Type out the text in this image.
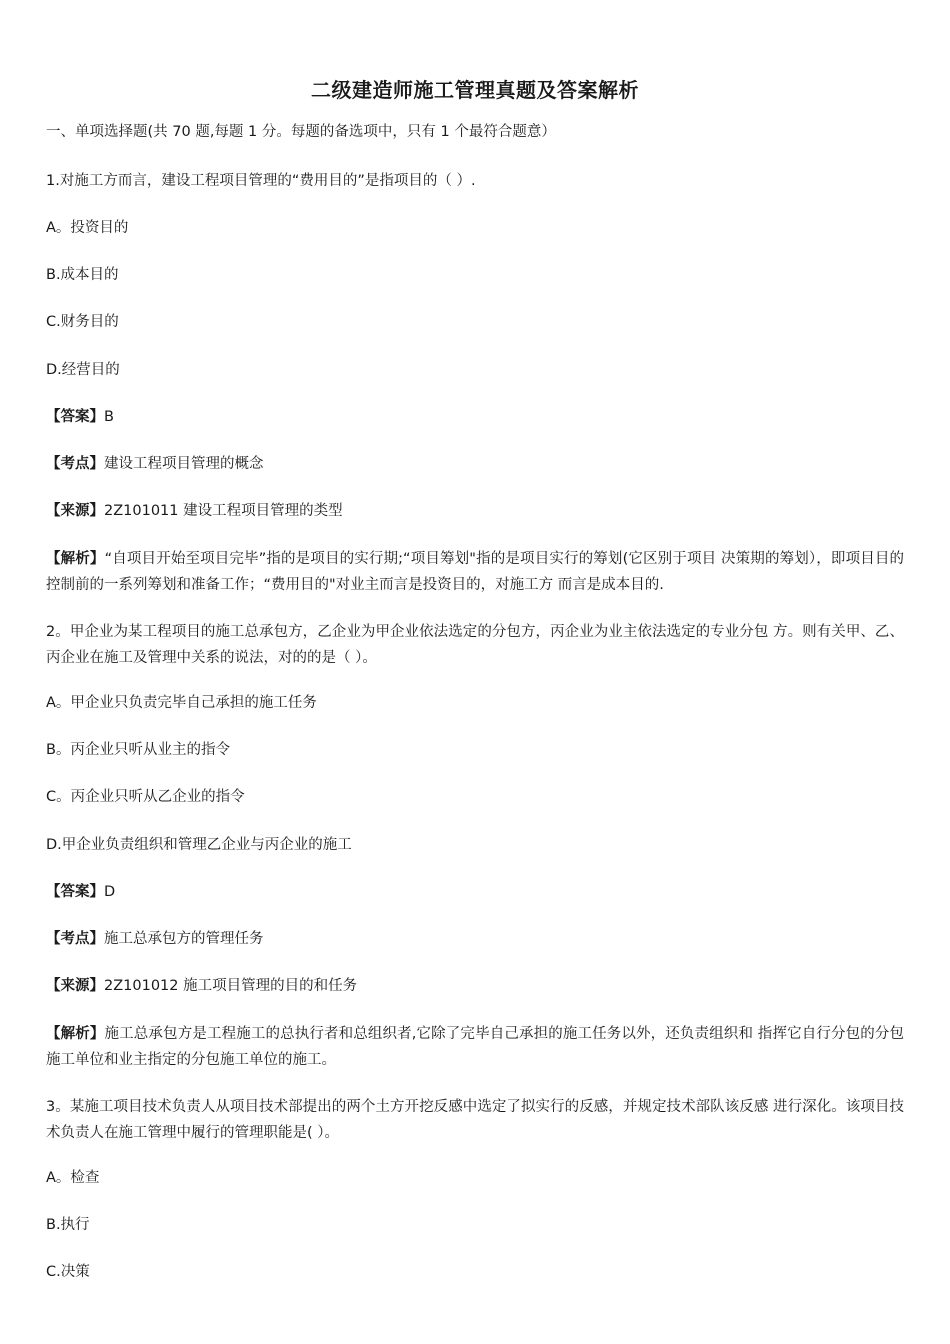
二级建造师施工管理真题及答案解析

一、单项选择题(共 70 题,每题 1 分。每题的备选项中，只有 1 个最符合题意）

1.对施工方而言，建设工程项目管理的“费用目的”是指项目的（ ）.

A。投资目的

B.成本目的

C.财务目的

D.经营目的

【答案】B

【考点】建设工程项目管理的概念

【来源】2Z101011 建设工程项目管理的类型

【解析】“自项目开始至项目完毕”指的是项目的实行期;“项目筹划"指的是项目实行的筹划(它区别于项目 决策期的筹划），即项目目的控制前的一系列筹划和准备工作；“费用目的"对业主而言是投资目的，对施工方 而言是成本目的.

2。甲企业为某工程项目的施工总承包方，乙企业为甲企业依法选定的分包方，丙企业为业主依法选定的专业分包 方。则有关甲、乙、丙企业在施工及管理中关系的说法，对的的是（ ）。

A。甲企业只负责完毕自己承担的施工任务

B。丙企业只听从业主的指令

C。丙企业只听从乙企业的指令

D.甲企业负责组织和管理乙企业与丙企业的施工

【答案】D

【考点】施工总承包方的管理任务

【来源】2Z101012 施工项目管理的目的和任务

【解析】施工总承包方是工程施工的总执行者和总组织者,它除了完毕自己承担的施工任务以外，还负责组织和 指挥它自行分包的分包施工单位和业主指定的分包施工单位的施工。

3。某施工项目技术负责人从项目技术部提出的两个土方开挖反感中选定了拟实行的反感，并规定技术部队该反感 进行深化。该项目技术负责人在施工管理中履行的管理职能是( ）。

A。检查

B.执行

C.决策
